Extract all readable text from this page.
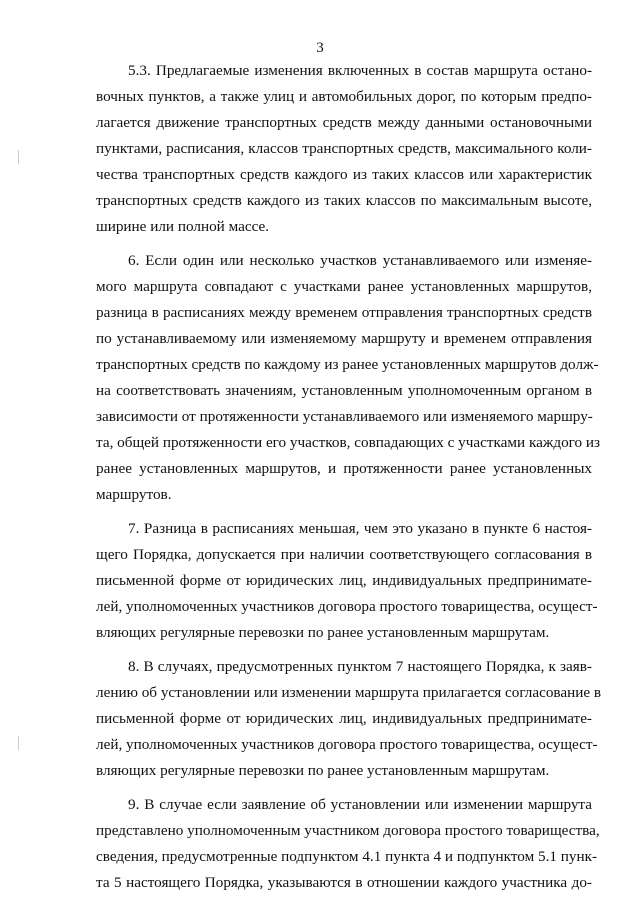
3

5.3. Предлагаемые изменения включенных в состав маршрута остано-
вочных пунктов, а также улиц и автомобильных дорог, по которым предпо-
лагается движение транспортных средств между данными остановочными
пунктами, расписания, классов транспортных средств, максимального коли-
чества транспортных средств каждого из таких классов или характеристик
транспортных средств каждого из таких классов по максимальным высоте,
ширине или полной массе.

6. Если один или несколько участков устанавливаемого или изменяе-
мого маршрута совпадают с участками ранее установленных маршрутов,
разница в расписаниях между временем отправления транспортных средств
по устанавливаемому или изменяемому маршруту и временем отправления
транспортных средств по каждому из ранее установленных маршрутов долж-
на соответствовать значениям, установленным уполномоченным органом в
зависимости от протяженности устанавливаемого или изменяемого маршру-
та, общей протяженности его участков, совпадающих с участками каждого из
ранее установленных маршрутов, и протяженности ранее установленных
маршрутов.

7. Разница в расписаниях меньшая, чем это указано в пункте 6 настоя-
щего Порядка, допускается при наличии соответствующего согласования в
письменной форме от юридических лиц, индивидуальных предпринимате-
лей, уполномоченных участников договора простого товарищества, осущест-
вляющих регулярные перевозки по ранее установленным маршрутам.

8. В случаях, предусмотренных пунктом 7 настоящего Порядка, к заяв-
лению об установлении или изменении маршрута прилагается согласование в
письменной форме от юридических лиц, индивидуальных предпринимате-
лей, уполномоченных участников договора простого товарищества, осущест-
вляющих регулярные перевозки по ранее установленным маршрутам.

9. В случае если заявление об установлении или изменении маршрута
представлено уполномоченным участником договора простого товарищества,
сведения, предусмотренные подпунктом 4.1 пункта 4 и подпунктом 5.1 пунк-
та 5 настоящего Порядка, указываются в отношении каждого участника до-
